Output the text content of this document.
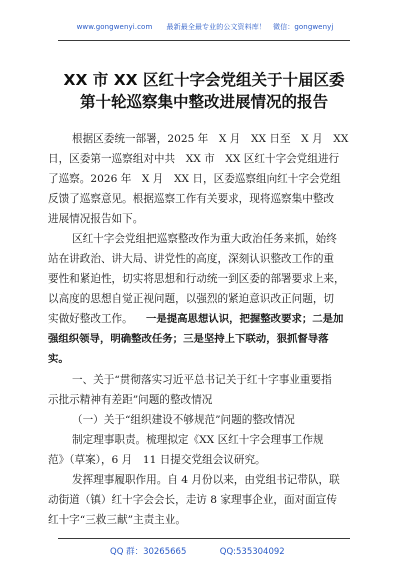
www.gongwenyi.com　　最新最全最专业的公文资料库！　微信：gongwenyj
XX 市 XX 区红十字会党组关于十届区委
第十轮巡察集中整改进展情况的报告
根据区委统一部署，2025 年　X 月　XX 日至　X 月　XX
日，区委第一巡察组对中共　XX 市　XX 区红十字会党组进行
了巡察。2026 年　X 月　XX 日，区委巡察组向红十字会党组
反馈了巡察意见。根据巡察工作有关要求，现将巡察集中整改
进展情况报告如下。
区红十字会党组把巡察整改作为重大政治任务来抓，始终
站在讲政治、讲大局、讲党性的高度，深刻认识整改工作的重
要性和紧迫性，切实将思想和行动统一到区委的部署要求上来，
以高度的思想自觉正视问题，以强烈的紧迫意识改正问题，切
实做好整改工作。 一是提高思想认识，把握整改要求；二是加
强组织领导，明确整改任务；三是坚持上下联动，狠抓督导落
实。
一、关于“贯彻落实习近平总书记关于红十字事业重要指
示批示精神有差距”问题的整改情况
（一）关于“组织建设不够规范”问题的整改情况
制定理事职责。梳理拟定《XX 区红十字会理事工作规
范》（草案），6 月　11 日提交党组会议研究。
发挥理事履职作用。自 4 月份以来，由党组书记带队，联
动街道（镇）红十字会会长，走访 8 家理事企业，面对面宣传
红十字“三救三献”主责主业。
QQ 群：30265665	QQ:535304092
